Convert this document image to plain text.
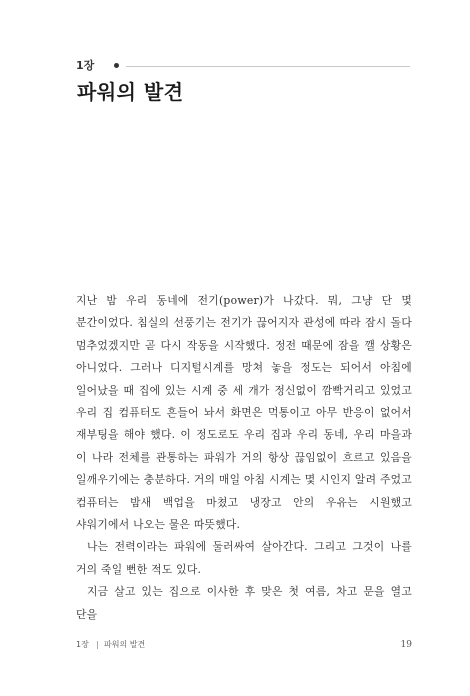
1장
파워의 발견

지난 밤 우리 동네에 전기(power)가 나갔다. 뭐, 그냥 단 몇 분간이었다. 침실의 선풍기는 전기가 끊어지자 관성에 따라 잠시 돌다 멈추었겠지만 곧 다시 작동을 시작했다. 정전 때문에 잠을 깰 상황은 아니었다. 그러나 디지털시계를 망쳐 놓을 정도는 되어서 아침에 일어났을 때 집에 있는 시계 중 세 개가 정신없이 깜빡거리고 있었고 우리 집 컴퓨터도 흔들어 놔서 화면은 먹통이고 아무 반응이 없어서 재부팅을 해야 했다. 이 정도로도 우리 집과 우리 동네, 우리 마을과 이 나라 전체를 관통하는 파워가 거의 항상 끊임없이 흐르고 있음을 일깨우기에는 충분하다. 거의 매일 아침 시계는 몇 시인지 알려 주었고 컴퓨터는 밤새 백업을 마쳤고 냉장고 안의 우유는 시원했고 샤워기에서 나오는 물은 따뜻했다.

나는 전력이라는 파워에 둘러싸여 살아간다. 그리고 그것이 나를 거의 죽일 뻔한 적도 있다.

지금 살고 있는 집으로 이사한 후 맞은 첫 여름, 차고 문을 열고 단을

1장 파워의 발견	19
